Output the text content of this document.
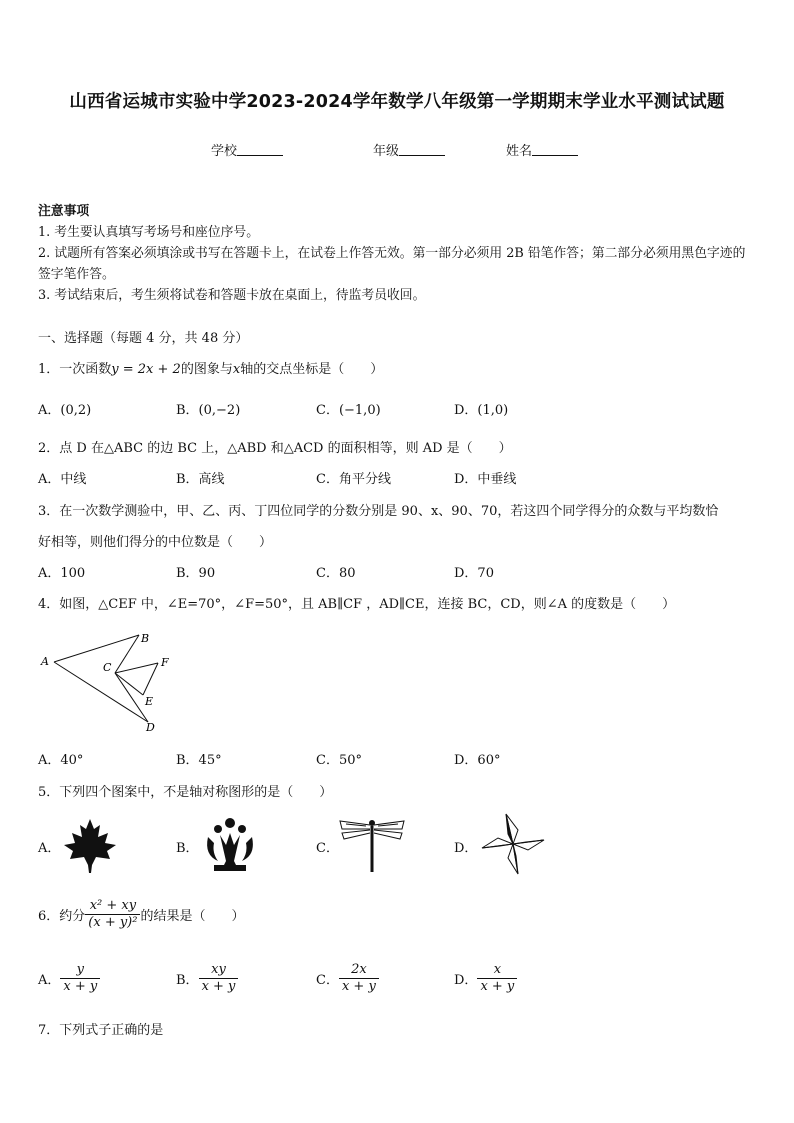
山西省运城市实验中学2023-2024学年数学八年级第一学期期末学业水平测试试题
学校	年级	姓名
注意事项
1. 考生要认真填写考场号和座位序号。
2. 试题所有答案必须填涂或书写在答题卡上，在试卷上作答无效。第一部分必须用 2B 铅笔作答；第二部分必须用黑色字迹的签字笔作答。
3. 考试结束后，考生须将试卷和答题卡放在桌面上，待监考员收回。
一、选择题（每题 4 分，共 48 分）
1．一次函数y = 2x + 2的图象与x轴的交点坐标是（　　）
A．(0,2)	B．(0,−2)	C．(−1,0)	D．(1,0)
2．点 D 在△ABC 的边 BC 上，△ABD 和△ACD 的面积相等，则 AD 是（　　）
A．中线	B．高线	C．角平分线	D．中垂线
3．在一次数学测验中，甲、乙、丙、丁四位同学的分数分别是 90、x、90、70，若这四个同学得分的众数与平均数恰
好相等，则他们得分的中位数是（　　）
A．100	B．90	C．80	D．70
4．如图，△CEF 中，∠E=70°，∠F=50°，且 AB∥CF ，AD∥CE，连接 BC，CD，则∠A 的度数是（　　）
A
B
C
E
F
D
A．40°	B．45°	C．50°	D．60°
5．下列四个图案中，不是轴对称图形的是（　　）
A．	B．	C．	D．
6．约分 $\frac{\text{x² + xy}}{\text{(x + y)²}}$ 的结果是（　　）
A． $\frac{y}{x + y}$	B． $\frac{xy}{x + y}$	C． $\frac{2x}{x + y}$	D． $\frac{x}{x + y}$
7．下列式子正确的是
